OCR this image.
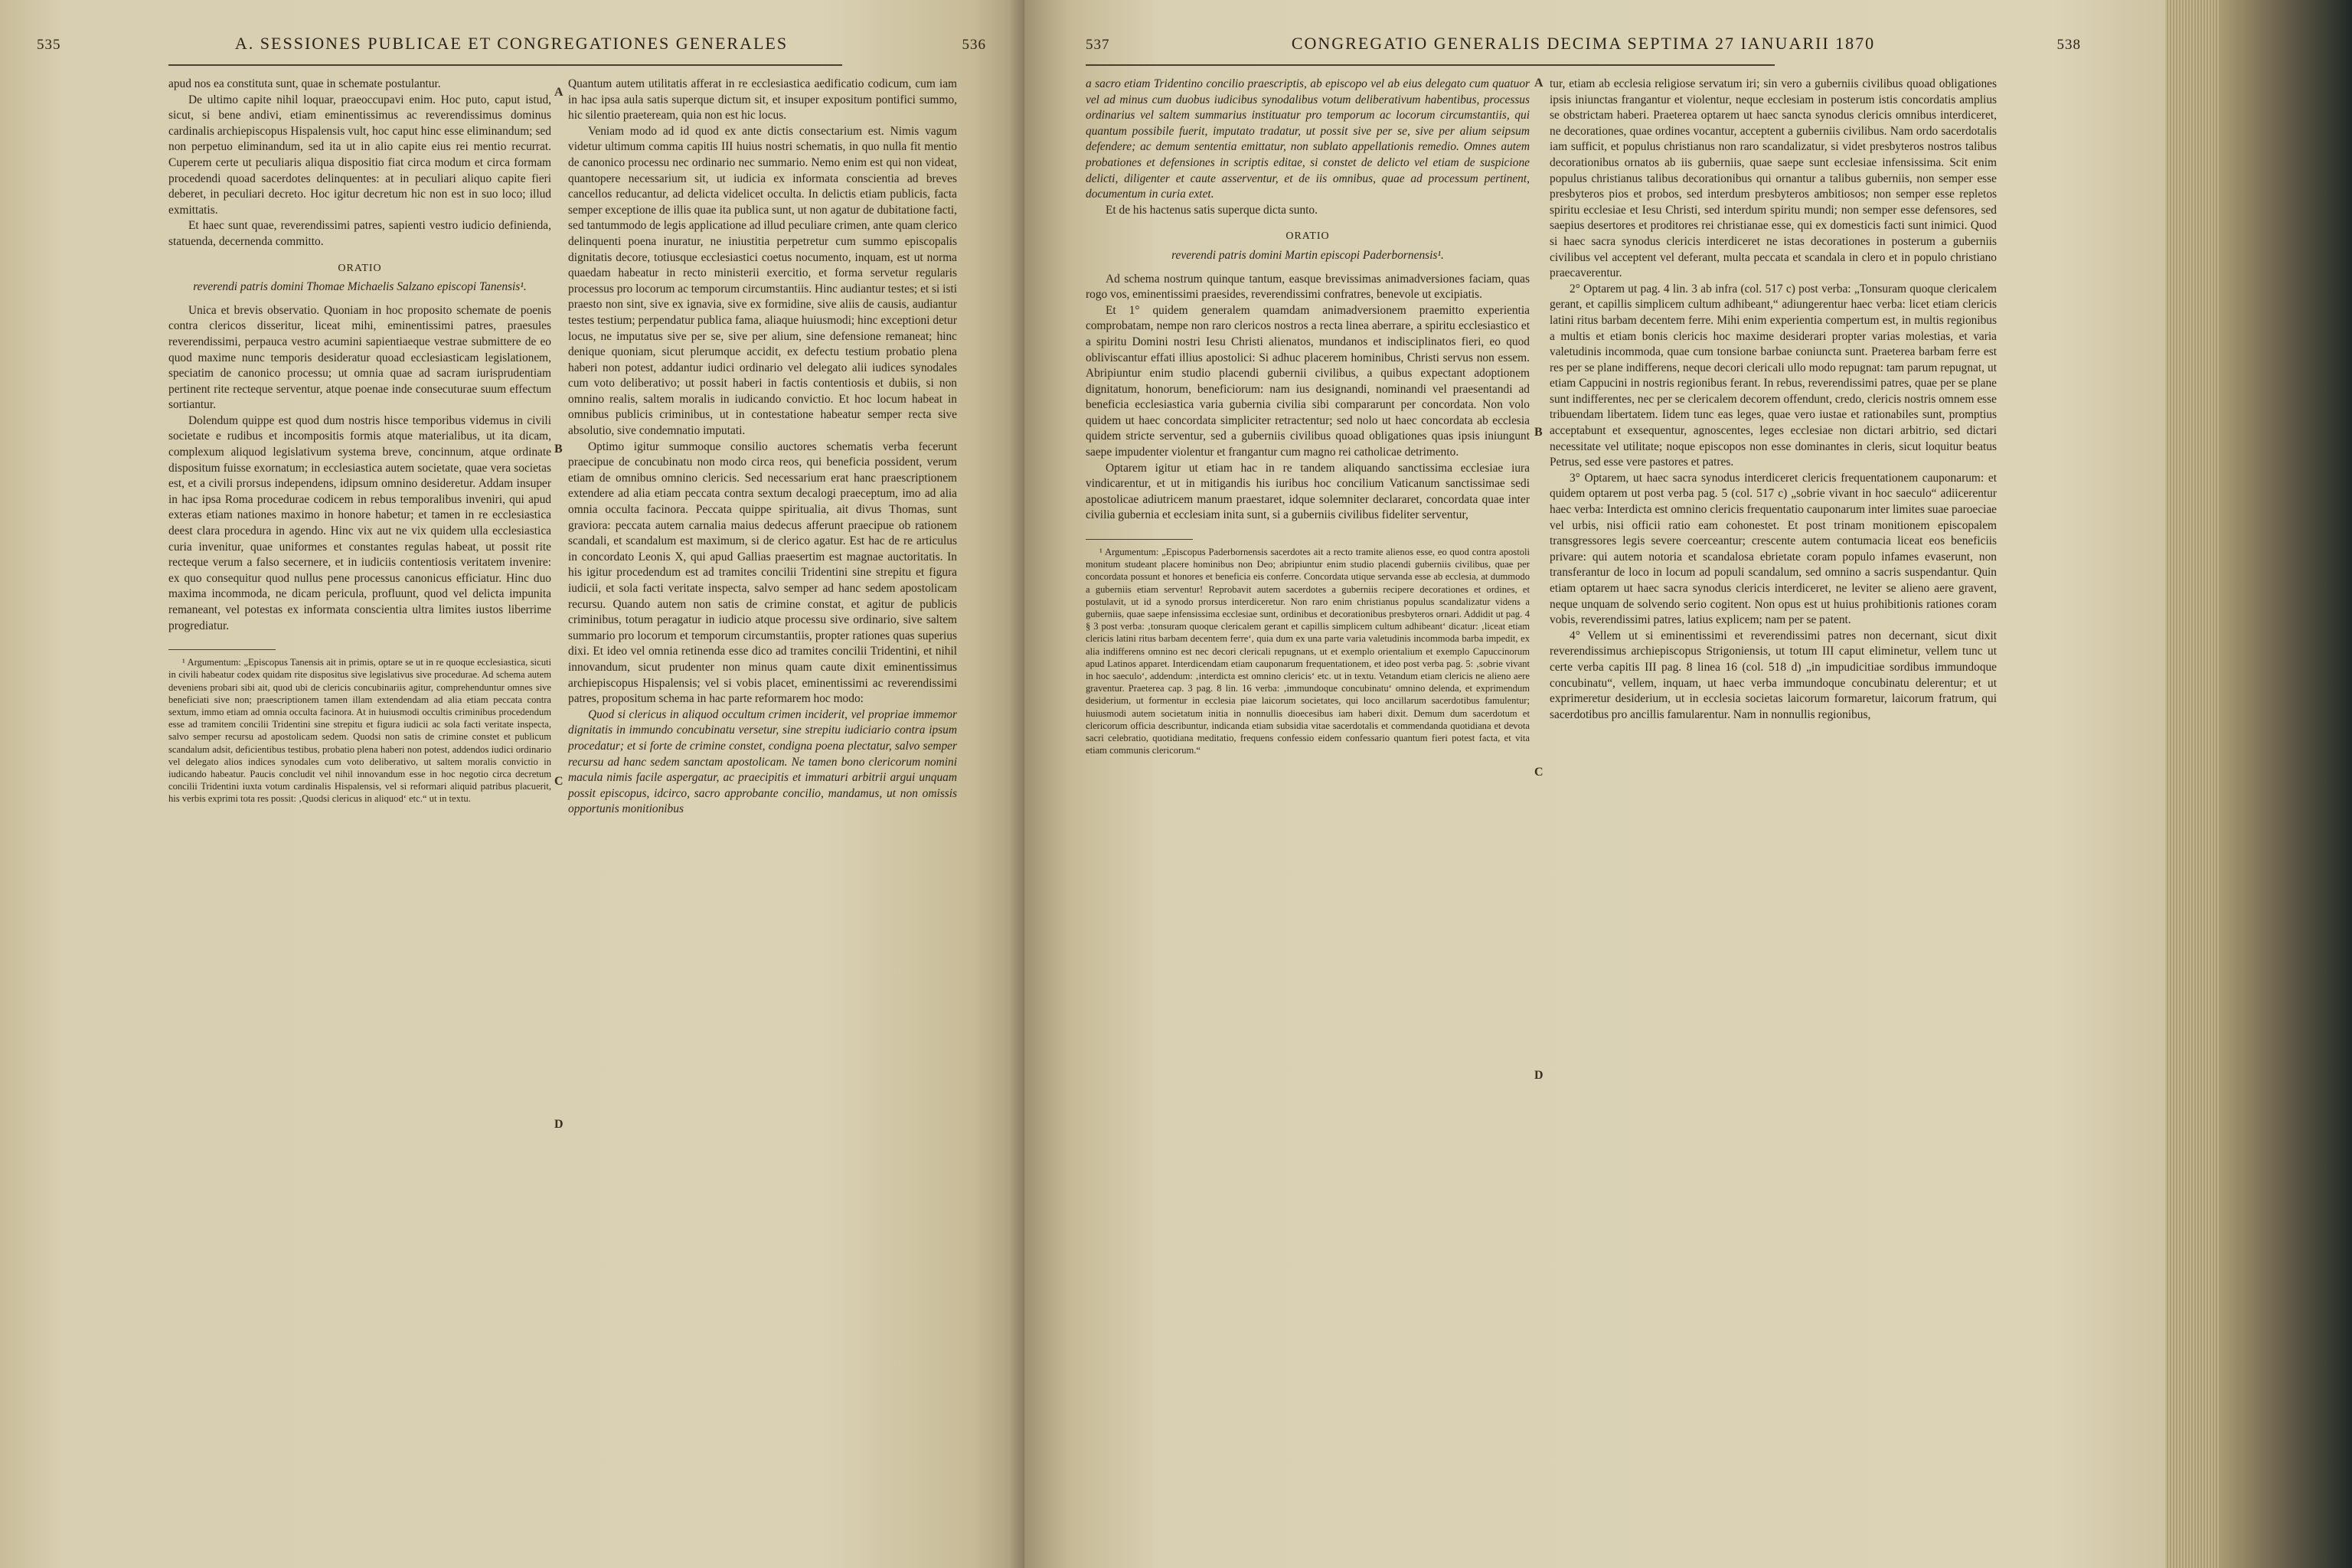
535	A. SESSIONES PUBLICAE ET CONGREGATIONES GENERALES	536

apud nos ea constituta sunt, quae in schemate postulantur.

De ultimo capite nihil loquar, praeoccupavi enim. Hoc puto, caput istud, sicut, si bene andivi, etiam eminentissimus ac reverendissimus dominus cardinalis archiepiscopus Hispalensis vult, hoc caput hinc esse eliminandum; sed non perpetuo eliminandum, sed ita ut in alio capite eius rei mentio recurrat. Cuperem certe ut peculiaris aliqua dispositio fiat circa modum et circa formam procedendi quoad sacerdotes delinquentes: at in peculiari aliquo capite fieri deberet, in peculiari decreto. Hoc igitur decretum hic non est in suo loco; illud exmittatis.

Et haec sunt quae, reverendissimi patres, sapienti vestro iudicio definienda, statuenda, decernenda committo.

ORATIO
reverendi patris domini Thomae Michaelis Salzano episcopi Tanensis¹.

Unica et brevis observatio. Quoniam in hoc proposito schemate de poenis contra clericos disseritur, liceat mihi, eminentissimi patres, praesules reverendissimi, perpauca vestro acumini sapientiaeque vestrae submittere de eo quod maxime nunc temporis desideratur quoad ecclesiasticam legislationem, speciatim de canonico processu; ut omnia quae ad sacram iurisprudentiam pertinent rite recteque serventur, atque poenae inde consecuturae suum effectum sortiantur.

Dolendum quippe est quod dum nostris hisce temporibus videmus in civili societate e rudibus et incompositis formis atque materialibus, ut ita dicam, complexum aliquod legislativum systema breve, concinnum, atque ordinate dispositum fuisse exornatum; in ecclesiastica autem societate, quae vera societas est, et a civili prorsus independens, idipsum omnino desideretur. Addam insuper in hac ipsa Roma procedurae codicem in rebus temporalibus inveniri, qui apud exteras etiam nationes maximo in honore habetur; et tamen in re ecclesiastica deest clara procedura in agendo. Hinc vix aut ne vix quidem ulla ecclesiastica curia invenitur, quae uniformes et constantes regulas habeat, ut possit rite recteque verum a falso secernere, et in iudiciis contentiosis veritatem invenire: ex quo consequitur quod nullus pene processus canonicus efficiatur. Hinc duo maxima incommoda, ne dicam pericula, profluunt, quod vel delicta impunita remaneant, vel potestas ex informata conscientia ultra limites iustos liberrime progrediatur.

¹ Argumentum: „Episcopus Tanensis ait in primis, optare se ut in re quoque ecclesiastica, sicuti in civili habeatur codex quidam rite dispositus sive legislativus sive procedurae. Ad schema autem deveniens probari sibi ait, quod ubi de clericis concubinariis agitur, comprehenduntur omnes sive beneficiati sive non; praescriptionem tamen illam extendendam ad alia etiam peccata contra sextum, immo etiam ad omnia occulta facinora. At in huiusmodi occultis criminibus procedendum esse ad tramitem concilii Tridentini sine strepitu et figura iudicii ac sola facti veritate inspecta, salvo semper recursu ad apostolicam sedem. Quodsi non satis de crimine constet et publicum scandalum adsit, deficientibus testibus, probatio plena haberi non potest, addendos iudici ordinario vel delegato alios indices synodales cum voto deliberativo, ut saltem moralis convictio in iudicando habeatur. Paucis concludit vel nihil innovandum esse in hoc negotio circa decretum concilii Tridentini iuxta votum cardinalis Hispalensis, vel si reformari aliquid patribus placuerit, his verbis exprimi tota res possit: ‚Quodsi clericus in aliquod‘ etc.“ ut in textu.

Quantum autem utilitatis afferat in re ecclesiastica aedificatio codicum, cum iam in hac ipsa aula satis superque dictum sit, et insuper expositum pontifici summo, hic silentio praeteream, quia non est hic locus.

Veniam modo ad id quod ex ante dictis consectarium est. Nimis vagum videtur ultimum comma capitis III huius nostri schematis, in quo nulla fit mentio de canonico processu nec ordinario nec summario. Nemo enim est qui non videat, quantopere necessarium sit, ut iudicia ex informata conscientia ad breves cancellos reducantur, ad delicta videlicet occulta. In delictis etiam publicis, facta semper exceptione de illis quae ita publica sunt, ut non agatur de dubitatione facti, sed tantummodo de legis applicatione ad illud peculiare crimen, ante quam clerico delinquenti poena inuratur, ne iniustitia perpetretur cum summo episcopalis dignitatis decore, totiusque ecclesiastici coetus nocumento, inquam, est ut norma quaedam habeatur in recto ministerii exercitio, et forma servetur regularis processus pro locorum ac temporum circumstantiis. Hinc audiantur testes; et si isti praesto non sint, sive ex ignavia, sive ex formidine, sive aliis de causis, audiantur testes testium; perpendatur publica fama, aliaque huiusmodi; hinc exceptioni detur locus, ne imputatus sive per se, sive per alium, sine defensione remaneat; hinc denique quoniam, sicut plerumque accidit, ex defectu testium probatio plena haberi non potest, addantur iudici ordinario vel delegato alii iudices synodales cum voto deliberativo; ut possit haberi in factis contentiosis et dubiis, si non omnino realis, saltem moralis in iudicando convictio. Et hoc locum habeat in omnibus publicis criminibus, ut in contestatione habeatur semper recta sive absolutio, sive condemnatio imputati.

Optimo igitur summoque consilio auctores schematis verba fecerunt praecipue de concubinatu non modo circa reos, qui beneficia possident, verum etiam de omnibus omnino clericis. Sed necessarium erat hanc praescriptionem extendere ad alia etiam peccata contra sextum decalogi praeceptum, imo ad alia omnia occulta facinora. Peccata quippe spiritualia, ait divus Thomas, sunt graviora: peccata autem carnalia maius dedecus afferunt praecipue ob rationem scandali, et scandalum est maximum, si de clerico agatur. Est hac de re articulus in concordato Leonis X, qui apud Gallias praesertim est magnae auctoritatis. In his igitur procedendum est ad tramites concilii Tridentini sine strepitu et figura iudicii, et sola facti veritate inspecta, salvo semper ad hanc sedem apostolicam recursu. Quando autem non satis de crimine constat, et agitur de publicis criminibus, totum peragatur in iudicio atque processu sive ordinario, sive saltem summario pro locorum et temporum circumstantiis, propter rationes quas superius dixi. Et ideo vel omnia retinenda esse dico ad tramites concilii Tridentini, et nihil innovandum, sicut prudenter non minus quam caute dixit eminentissimus archiepiscopus Hispalensis; vel si vobis placet, eminentissimi ac reverendissimi patres, propositum schema in hac parte reformarem hoc modo:

Quod si clericus in aliquod occultum crimen inciderit, vel propriae immemor dignitatis in immundo concubinatu versetur, sine strepitu iudiciario contra ipsum procedatur; et si forte de crimine constet, condigna poena plectatur, salvo semper recursu ad hanc sedem sanctam apostolicam. Ne tamen bono clericorum nomini macula nimis facile aspergatur, ac praecipitis et immaturi arbitrii argui unquam possit episcopus, idcirco, sacro approbante concilio, mandamus, ut non omissis opportunis monitionibus

A
B
C
D
537	CONGREGATIO GENERALIS DECIMA SEPTIMA 27 IANUARII 1870	538

a sacro etiam Tridentino concilio praescriptis, ab episcopo vel ab eius delegato cum quatuor vel ad minus cum duobus iudicibus synodalibus votum deliberativum habentibus, processus ordinarius vel saltem summarius instituatur pro temporum ac locorum circumstantiis, qui quantum possibile fuerit, imputato tradatur, ut possit sive per se, sive per alium seipsum defendere; ac demum sententia emittatur, non sublato appellationis remedio. Omnes autem probationes et defensiones in scriptis editae, si constet de delicto vel etiam de suspicione delicti, diligenter et caute asserventur, et de iis omnibus, quae ad processum pertinent, documentum in curia extet.

Et de his hactenus satis superque dicta sunto.

ORATIO
reverendi patris domini Martin episcopi Paderbornensis¹.

Ad schema nostrum quinque tantum, easque brevissimas animadversiones faciam, quas rogo vos, eminentissimi praesides, reverendissimi confratres, benevole ut excipiatis.

Et 1° quidem generalem quamdam animadversionem praemitto experientia comprobatam, nempe non raro clericos nostros a recta linea aberrare, a spiritu ecclesiastico et a spiritu Domini nostri Iesu Christi alienatos, mundanos et indisciplinatos fieri, eo quod obliviscantur effati illius apostolici: Si adhuc placerem hominibus, Christi servus non essem. Abripiuntur enim studio placendi gubernii civilibus, a quibus expectant adoptionem dignitatum, honorum, beneficiorum: nam ius designandi, nominandi vel praesentandi ad beneficia ecclesiastica varia gubernia civilia sibi compararunt per concordata. Non volo quidem ut haec concordata simpliciter retractentur; sed nolo ut haec concordata ab ecclesia quidem stricte serventur, sed a guberniis civilibus quoad obligationes quas ipsis iniungunt saepe impudenter violentur et frangantur cum magno rei catholicae detrimento.

Optarem igitur ut etiam hac in re tandem aliquando sanctissima ecclesiae iura vindicarentur, et ut in mitigandis his iuribus hoc concilium Vaticanum sanctissimae sedi apostolicae adiutricem manum praestaret, idque solemniter declararet, concordata quae inter civilia gubernia et ecclesiam inita sunt, si a guberniis civilibus fideliter serventur,

¹ Argumentum: „Episcopus Paderbornensis sacerdotes ait a recto tramite alienos esse, eo quod contra apostoli monitum studeant placere hominibus non Deo; abripiuntur enim studio placendi guberniis civilibus, quae per concordata possunt et honores et beneficia eis conferre. Concordata utique servanda esse ab ecclesia, at dummodo a guberniis etiam serventur! Reprobavit autem sacerdotes a guberniis recipere decorationes et ordines, et postulavit, ut id a synodo prorsus interdiceretur. Non raro enim christianus populus scandalizatur videns a guberniis, quae saepe infensissima ecclesiae sunt, ordinibus et decorationibus presbyteros ornari. Addidit ut pag. 4 § 3 post verba: ‚tonsuram quoque clericalem gerant et capillis simplicem cultum adhibeant‘ dicatur: ‚liceat etiam clericis latini ritus barbam decentem ferre‘, quia dum ex una parte varia valetudinis incommoda barba impedit, ex alia indifferens omnino est nec decori clericali repugnans, ut et exemplo orientalium et exemplo Capuccinorum apud Latinos apparet. Interdicendam etiam cauponarum frequentationem, et ideo post verba pag. 5: ‚sobrie vivant in hoc saeculo‘, addendum: ‚interdicta est omnino clericis‘ etc. ut in textu. Vetandum etiam clericis ne alieno aere graventur. Praeterea cap. 3 pag. 8 lin. 16 verba: ‚immundoque concubinatu‘ omnino delenda, et exprimendum desiderium, ut formentur in ecclesia piae laicorum societates, qui loco ancillarum sacerdotibus famulentur; huiusmodi autem societatum initia in nonnullis dioecesibus iam haberi dixit. Demum dum sacerdotum et clericorum officia describuntur, indicanda etiam subsidia vitae sacerdotalis et commendanda quotidiana et devota sacri celebratio, quotidiana meditatio, frequens confessio eidem confessario quantum fieri potest facta, et vita etiam communis clericorum.“

tur, etiam ab ecclesia religiose servatum iri; sin vero a guberniis civilibus quoad obligationes ipsis iniunctas frangantur et violentur, neque ecclesiam in posterum istis concordatis amplius se obstrictam haberi. Praeterea optarem ut haec sancta synodus clericis omnibus interdiceret, ne decorationes, quae ordines vocantur, acceptent a guberniis civilibus. Nam ordo sacerdotalis iam sufficit, et populus christianus non raro scandalizatur, si videt presbyteros nostros talibus decorationibus ornatos ab iis guberniis, quae saepe sunt ecclesiae infensissima. Scit enim populus christianus talibus decorationibus qui ornantur a talibus guberniis, non semper esse presbyteros pios et probos, sed interdum presbyteros ambitiosos; non semper esse repletos spiritu ecclesiae et Iesu Christi, sed interdum spiritu mundi; non semper esse defensores, sed saepius desertores et proditores rei christianae esse, qui ex domesticis facti sunt inimici. Quod si haec sacra synodus clericis interdiceret ne istas decorationes in posterum a guberniis civilibus vel acceptent vel deferant, multa peccata et scandala in clero et in populo christiano praecaverentur.

2° Optarem ut pag. 4 lin. 3 ab infra (col. 517 c) post verba: „Tonsuram quoque clericalem gerant, et capillis simplicem cultum adhibeant,“ adiungerentur haec verba: licet etiam clericis latini ritus barbam decentem ferre. Mihi enim experientia compertum est, in multis regionibus a multis et etiam bonis clericis hoc maxime desiderari propter varias molestias, et varia valetudinis incommoda, quae cum tonsione barbae coniuncta sunt. Praeterea barbam ferre est res per se plane indifferens, neque decori clericali ullo modo repugnat: tam parum repugnat, ut etiam Cappucini in nostris regionibus ferant. In rebus, reverendissimi patres, quae per se plane sunt indifferentes, nec per se clericalem decorem offendunt, credo, clericis nostris omnem esse tribuendam libertatem. Iidem tunc eas leges, quae vero iustae et rationabiles sunt, promptius acceptabunt et exsequentur, agnoscentes, leges ecclesiae non dictari arbitrio, sed dictari necessitate vel utilitate; noque episcopos non esse dominantes in cleris, sicut loquitur beatus Petrus, sed esse vere pastores et patres.

3° Optarem, ut haec sacra synodus interdiceret clericis frequentationem cauponarum: et quidem optarem ut post verba pag. 5 (col. 517 c) „sobrie vivant in hoc saeculo“ adiicerentur haec verba: Interdicta est omnino clericis frequentatio cauponarum inter limites suae paroeciae vel urbis, nisi officii ratio eam cohonestet. Et post trinam monitionem episcopalem transgressores legis severe coerceantur; crescente autem contumacia liceat eos beneficiis privare: qui autem notoria et scandalosa ebrietate coram populo infames evaserunt, non transferantur de loco in locum ad populi scandalum, sed omnino a sacris suspendantur. Quin etiam optarem ut haec sacra synodus clericis interdiceret, ne leviter se alieno aere gravent, neque unquam de solvendo serio cogitent. Non opus est ut huius prohibitionis rationes coram vobis, reverendissimi patres, latius explicem; nam per se patent.

4° Vellem ut si eminentissimi et reverendissimi patres non decernant, sicut dixit reverendissimus archiepiscopus Strigoniensis, ut totum III caput eliminetur, vellem tunc ut certe verba capitis III pag. 8 linea 16 (col. 518 d) „in impudicitiae sordibus immundoque concubinatu“, vellem, inquam, ut haec verba immundoque concubinatu delerentur; et ut exprimeretur desiderium, ut in ecclesia societas laicorum formaretur, laicorum fratrum, qui sacerdotibus pro ancillis famularentur. Nam in nonnullis regionibus,

A
B
C
D
